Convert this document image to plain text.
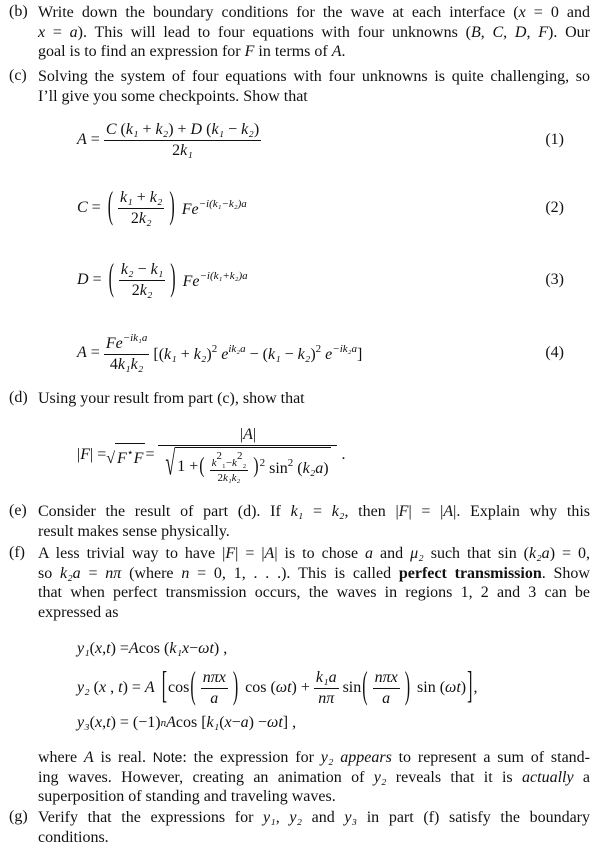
(b) Write down the boundary conditions for the wave at each interface (x = 0 and
x = a). This will lead to four equations with four unknowns (B, C, D, F). Our
goal is to find an expression for F in terms of A.
(c) Solving the system of four equations with four unknowns is quite challenging, so
I’ll give you some checkpoints. Show that
$A = \frac{\text{C (k₁ + k₂) + D (k₁ − k₂)}}{\text{2k₁}}$	(1)
C = ( $\frac{\text{k₁ + k₂}}{\text{2k₂}}$ ) $Fe^{-i(k_1-k_2)a}$	(2)
D = ( $\frac{\text{k₂ − k₁}}{\text{2k₂}}$ ) $Fe^{-i(k_1+k_2)a}$	(3)
$A = \frac{Fe^{-ik_1a}}{\text{4k₁k₂}} [(k_1 + k_2)^2$ $e^{ik_2a} - (k_1 - k_2)^2$ $e^{-ik_2a}$]	(4)
(d) Using your result from part (c), show that
|F| = √ F⋆F =
|A|
√ 1 + ( $\frac{\text{k2₁−k2₂}}{\text{2k₁k₂}}$ ) $^2$ $\sin^2 (k_2a)$
.
(e) Consider the result of part (d). If k₁ = k₂, then |F| = |A|. Explain why this
result makes sense physically.
(f) A less trivial way to have |F| = |A| is to chose a and μ₂ such that sin (k₂a) = 0,
so k₂a = nπ (where n = 0, 1, . . .). This is called perfect transmission. Show
that when perfect transmission occurs, the waves in regions 1, 2 and 3 can be
expressed as
y₁ ( x , t ) = A cos ( k₁x − ωt ) ,
y₂ (x , t) = A [ cos ( $\frac{\text{nπx}}{a}$ ) $\cos (\omega t) + \frac{\text{k₁a}}{n\pi}$ sin ( $\frac{\text{nπx}}{a}$ ) sin (ωt) ] ,
y₃ ( x , t ) = (−1) n A cos [ k₁ ( x − a ) − ωt ] ,
where A is real. Note: the expression for y₂ appears to represent a sum of stand-
ing waves. However, creating an animation of y₂ reveals that it is actually a
superposition of standing and traveling waves.
(g) Verify that the expressions for y₁, y₂ and y₃ in part (f) satisfy the boundary
conditions.
